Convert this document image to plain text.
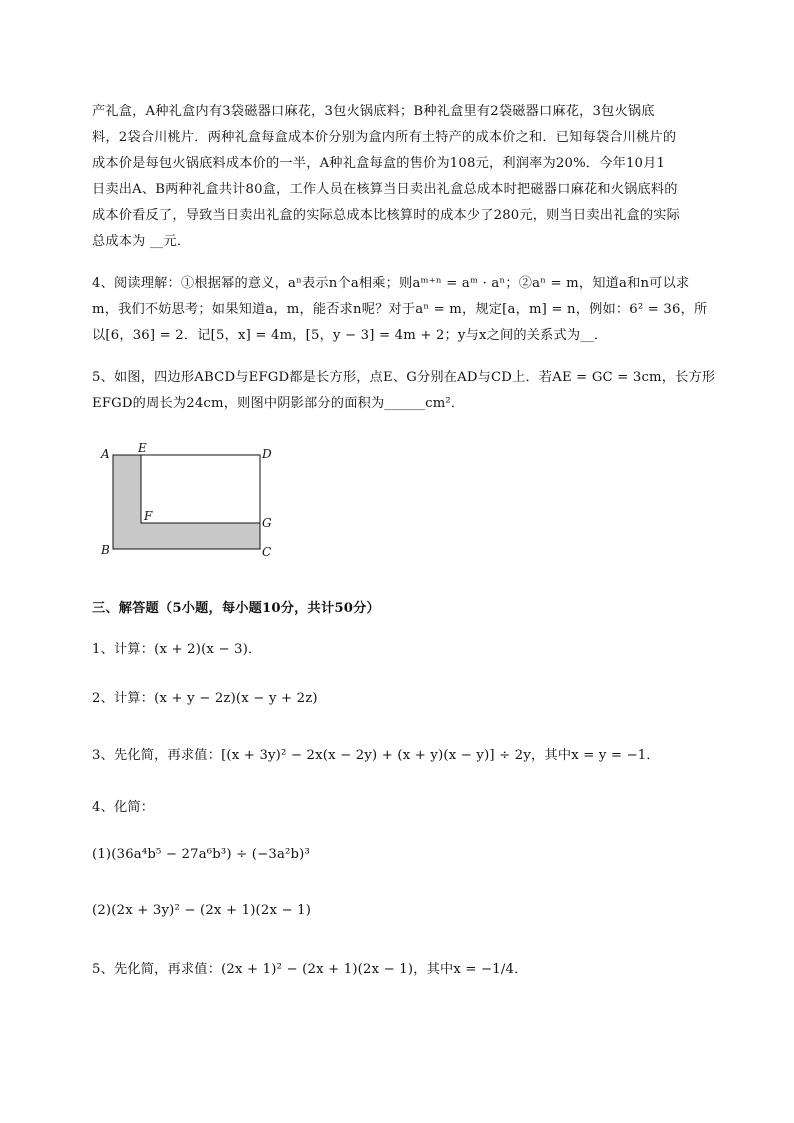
产礼盒，A种礼盒内有3袋磁器口麻花，3包火锅底料；B种礼盒里有2袋磁器口麻花，3包火锅底
料，2袋合川桃片．两种礼盒每盒成本价分别为盒内所有土特产的成本价之和．已知每袋合川桃片的
成本价是每包火锅底料成本价的一半，A种礼盒每盒的售价为108元，利润率为20%．今年10月1
日卖出A、B两种礼盒共计80盒，工作人员在核算当日卖出礼盒总成本时把磁器口麻花和火锅底料的
成本价看反了，导致当日卖出礼盒的实际总成本比核算时的成本少了280元，则当日卖出礼盒的实际
总成本为 __元．
4、阅读理解：①根据幂的意义，aⁿ表示n个a相乘；则aᵐ⁺ⁿ = aᵐ · aⁿ；②aⁿ = m，知道a和n可以求
m，我们不妨思考；如果知道a，m，能否求n呢？对于aⁿ = m，规定[a，m] = n，例如：6² = 36，所
以[6，36] = 2．记[5，x] = 4m，[5，y − 3] = 4m + 2；y与x之间的关系式为__．
5、如图，四边形ABCD与EFGD都是长方形，点E、G分别在AD与CD上．若AE = GC = 3cm，长方形
EFGD的周长为24cm，则图中阴影部分的面积为______cm²．
A E	D
F	G
B	C
三、解答题（5小题，每小题10分，共计50分）
1、计算：(x + 2)(x − 3)．
2、计算：(x + y − 2z)(x − y + 2z)
3、先化简，再求值：[(x + 3y)² − 2x(x − 2y) + (x + y)(x − y)] ÷ 2y，其中x = y = −1．
4、化简：
(1)(36a⁴b⁵ − 27a⁶b³) ÷ (−3a²b)³
(2)(2x + 3y)² − (2x + 1)(2x − 1)
5、先化简，再求值：(2x + 1)² − (2x + 1)(2x − 1)，其中x = −1/4．
